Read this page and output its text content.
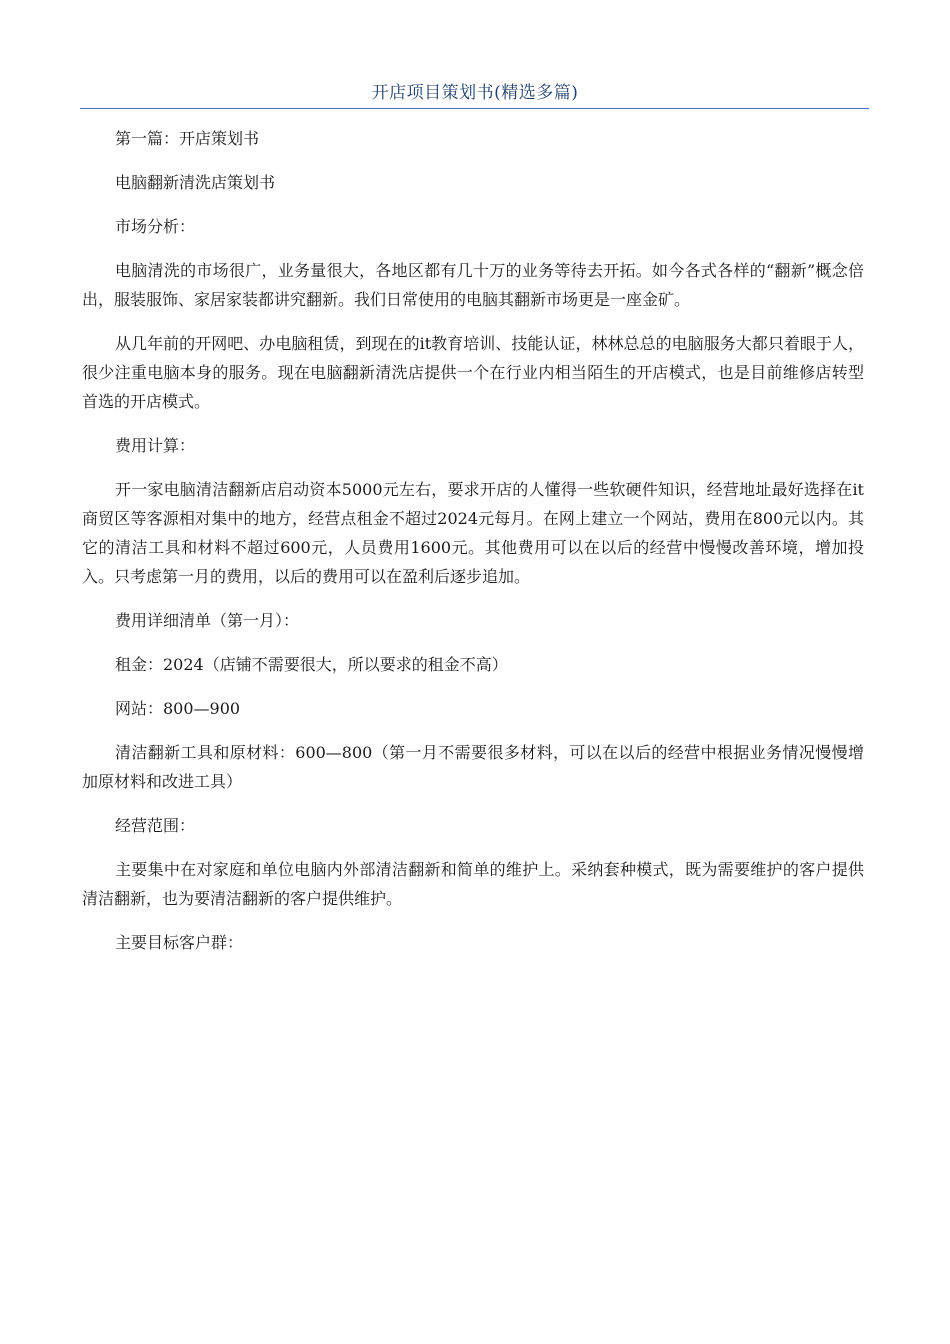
开店项目策划书(精选多篇)

第一篇：开店策划书

电脑翻新清洗店策划书

市场分析：

电脑清洗的市场很广，业务量很大，各地区都有几十万的业务等待去开拓。如今各式各样的“翻新”概念倍出，服装服饰、家居家装都讲究翻新。我们日常使用的电脑其翻新市场更是一座金矿。

从几年前的开网吧、办电脑租赁，到现在的it教育培训、技能认证，林林总总的电脑服务大都只着眼于人，很少注重电脑本身的服务。现在电脑翻新清洗店提供一个在行业内相当陌生的开店模式，也是目前维修店转型首选的开店模式。

费用计算：

开一家电脑清洁翻新店启动资本5000元左右，要求开店的人懂得一些软硬件知识，经营地址最好选择在it商贸区等客源相对集中的地方，经营点租金不超过2024元每月。在网上建立一个网站，费用在800元以内。其它的清洁工具和材料不超过600元，人员费用1600元。其他费用可以在以后的经营中慢慢改善环境，增加投入。只考虑第一月的费用，以后的费用可以在盈利后逐步追加。

费用详细清单（第一月）：

租金：2024（店铺不需要很大，所以要求的租金不高）

网站：800—900

清洁翻新工具和原材料：600—800（第一月不需要很多材料，可以在以后的经营中根据业务情况慢慢增加原材料和改进工具）

经营范围：

主要集中在对家庭和单位电脑内外部清洁翻新和简单的维护上。采纳套种模式，既为需要维护的客户提供清洁翻新，也为要清洁翻新的客户提供维护。

主要目标客户群：
